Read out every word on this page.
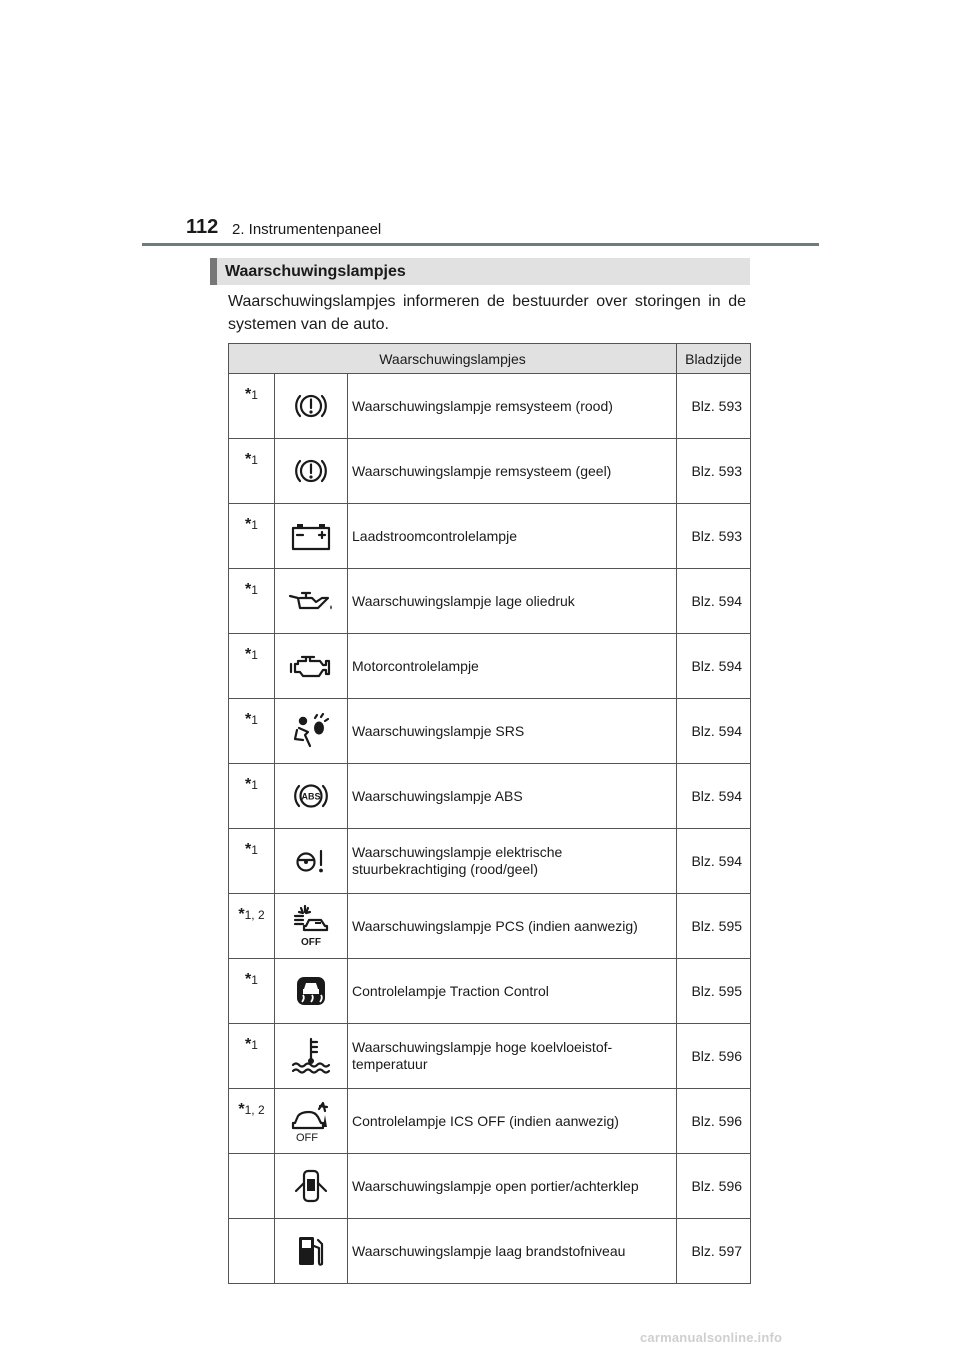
112 2. Instrumentenpaneel
Waarschuwingslampjes
Waarschuwingslampjes informeren de bestuurder over storingen in de systemen van de auto.
Waarschuwingslampjes			Bladzijde
*1		Waarschuwingslampje remsysteem (rood)	Blz. 593
*1		Waarschuwingslampje remsysteem (geel)	Blz. 593
*1		Laadstroomcontrolelampje	Blz. 593
*1		Waarschuwingslampje lage oliedruk	Blz. 594
*1		Motorcontrolelampje	Blz. 594
*1		Waarschuwingslampje SRS	Blz. 594
*1	ABS	Waarschuwingslampje ABS	Blz. 594
*1		Waarschuwingslampje elektrische
stuurbekrachtiging (rood/geel)	Blz. 594
*1, 2	OFF	Waarschuwingslampje PCS (indien aanwezig)	Blz. 595
*1		Controlelampje Traction Control	Blz. 595
*1		Waarschuwingslampje hoge koelvloeistof-
temperatuur	Blz. 596
*1, 2	OFF	Controlelampje ICS OFF (indien aanwezig)	Blz. 596
		Waarschuwingslampje open portier/achterklep	Blz. 596
		Waarschuwingslampje laag brandstofniveau	Blz. 597
carmanualsonline.info
